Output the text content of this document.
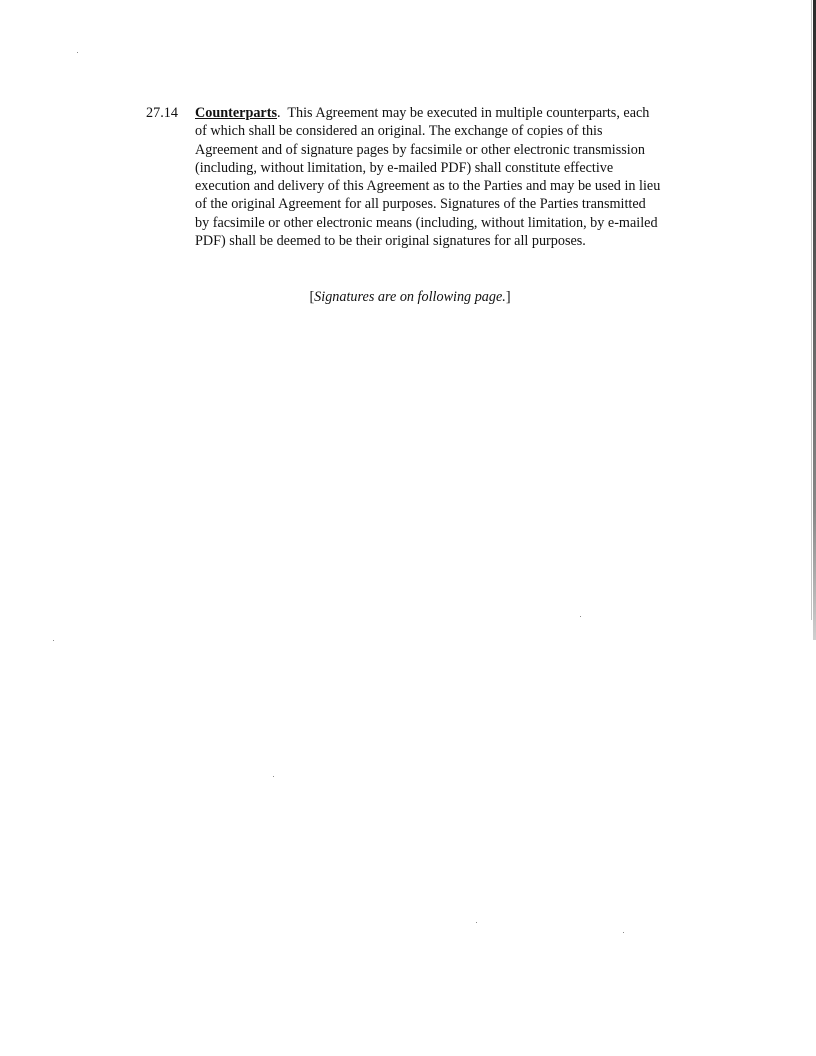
27.14	Counterparts.  This Agreement may be executed in multiple counterparts, each
of which shall be considered an original. The exchange of copies of this
Agreement and of signature pages by facsimile or other electronic transmission
(including, without limitation, by e-mailed PDF) shall constitute effective
execution and delivery of this Agreement as to the Parties and may be used in lieu
of the original Agreement for all purposes. Signatures of the Parties transmitted
by facsimile or other electronic means (including, without limitation, by e-mailed
PDF) shall be deemed to be their original signatures for all purposes.
[Signatures are on following page.]
